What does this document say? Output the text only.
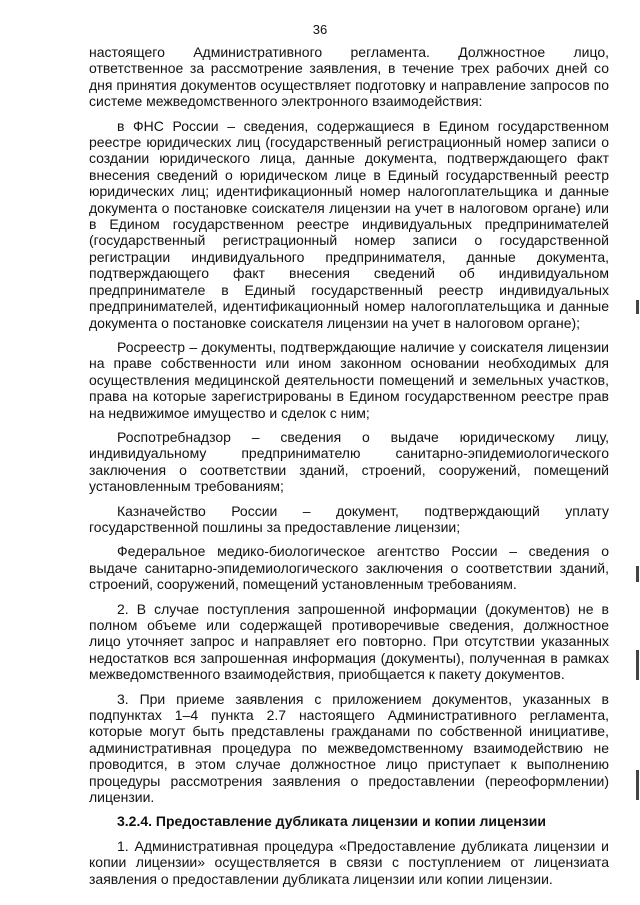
36

настоящего Административного регламента. Должностное лицо, ответственное за рассмотрение заявления, в течение трех рабочих дней со дня принятия документов осуществляет подготовку и направление запросов по системе межведомственного электронного взаимодействия:

в ФНС России – сведения, содержащиеся в Едином государственном реестре юридических лиц (государственный регистрационный номер записи о создании юридического лица, данные документа, подтверждающего факт внесения сведений о юридическом лице в Единый государственный реестр юридических лиц; идентификационный номер налогоплательщика и данные документа о постановке соискателя лицензии на учет в налоговом органе) или в Едином государственном реестре индивидуальных предпринимателей (государственный регистрационный номер записи о государственной регистрации индивидуального предпринимателя, данные документа, подтверждающего факт внесения сведений об индивидуальном предпринимателе в Единый государственный реестр индивидуальных предпринимателей, идентификационный номер налогоплательщика и данные документа о постановке соискателя лицензии на учет в налоговом органе);

Росреестр – документы, подтверждающие наличие у соискателя лицензии на праве собственности или ином законном основании необходимых для осуществления медицинской деятельности помещений и земельных участков, права на которые зарегистрированы в Едином государственном реестре прав на недвижимое имущество и сделок с ним;

Роспотребнадзор – сведения о выдаче юридическому лицу, индивидуальному предпринимателю санитарно-эпидемиологического заключения о соответствии зданий, строений, сооружений, помещений установленным требованиям;

Казначейство России – документ, подтверждающий уплату государственной пошлины за предоставление лицензии;

Федеральное медико-биологическое агентство России – сведения о выдаче санитарно-эпидемиологического заключения о соответствии зданий, строений, сооружений, помещений установленным требованиям.

2. В случае поступления запрошенной информации (документов) не в полном объеме или содержащей противоречивые сведения, должностное лицо уточняет запрос и направляет его повторно. При отсутствии указанных недостатков вся запрошенная информация (документы), полученная в рамках межведомственного взаимодействия, приобщается к пакету документов.

3. При приеме заявления с приложением документов, указанных в подпунктах 1–4 пункта 2.7 настоящего Административного регламента, которые могут быть представлены гражданами по собственной инициативе, административная процедура по межведомственному взаимодействию не проводится, в этом случае должностное лицо приступает к выполнению процедуры рассмотрения заявления о предоставлении (переоформлении) лицензии.

3.2.4. Предоставление дубликата лицензии и копии лицензии

1. Административная процедура «Предоставление дубликата лицензии и копии лицензии» осуществляется в связи с поступлением от лицензиата заявления о предоставлении дубликата лицензии или копии лицензии.
